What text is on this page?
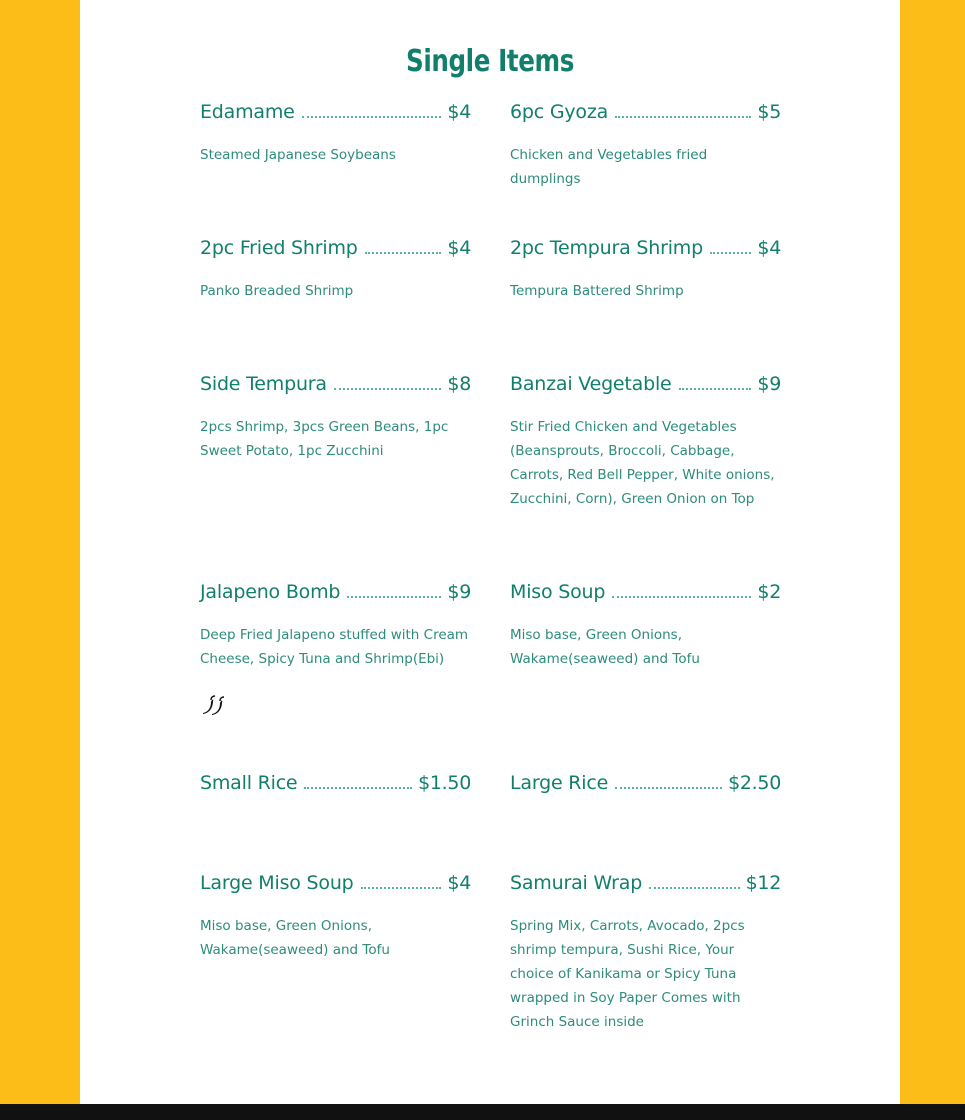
Single Items
Edamame	$4
Steamed Japanese Soybeans
6pc Gyoza	$5
Chicken and Vegetables fried dumplings
2pc Fried Shrimp	$4
Panko Breaded Shrimp
2pc Tempura Shrimp	$4
Tempura Battered Shrimp
Side Tempura	$8
2pcs Shrimp, 3pcs Green Beans, 1pc Sweet Potato, 1pc Zucchini
Banzai Vegetable	$9
Stir Fried Chicken and Vegetables (Beansprouts, Broccoli, Cabbage, Carrots, Red Bell Pepper, White onions, Zucchini, Corn), Green Onion on Top
Jalapeno Bomb	$9
Deep Fried Jalapeno stuffed with Cream Cheese, Spicy Tuna and Shrimp(Ebi)
Miso Soup	$2
Miso base, Green Onions, Wakame(seaweed) and Tofu
Small Rice	$1.50 Large Rice	$2.50
Large Miso Soup	$4
Miso base, Green Onions, Wakame(seaweed) and Tofu
Samurai Wrap	$12
Spring Mix, Carrots, Avocado, 2pcs shrimp tempura, Sushi Rice, Your choice of Kanikama or Spicy Tuna wrapped in Soy Paper Comes with Grinch Sauce inside
